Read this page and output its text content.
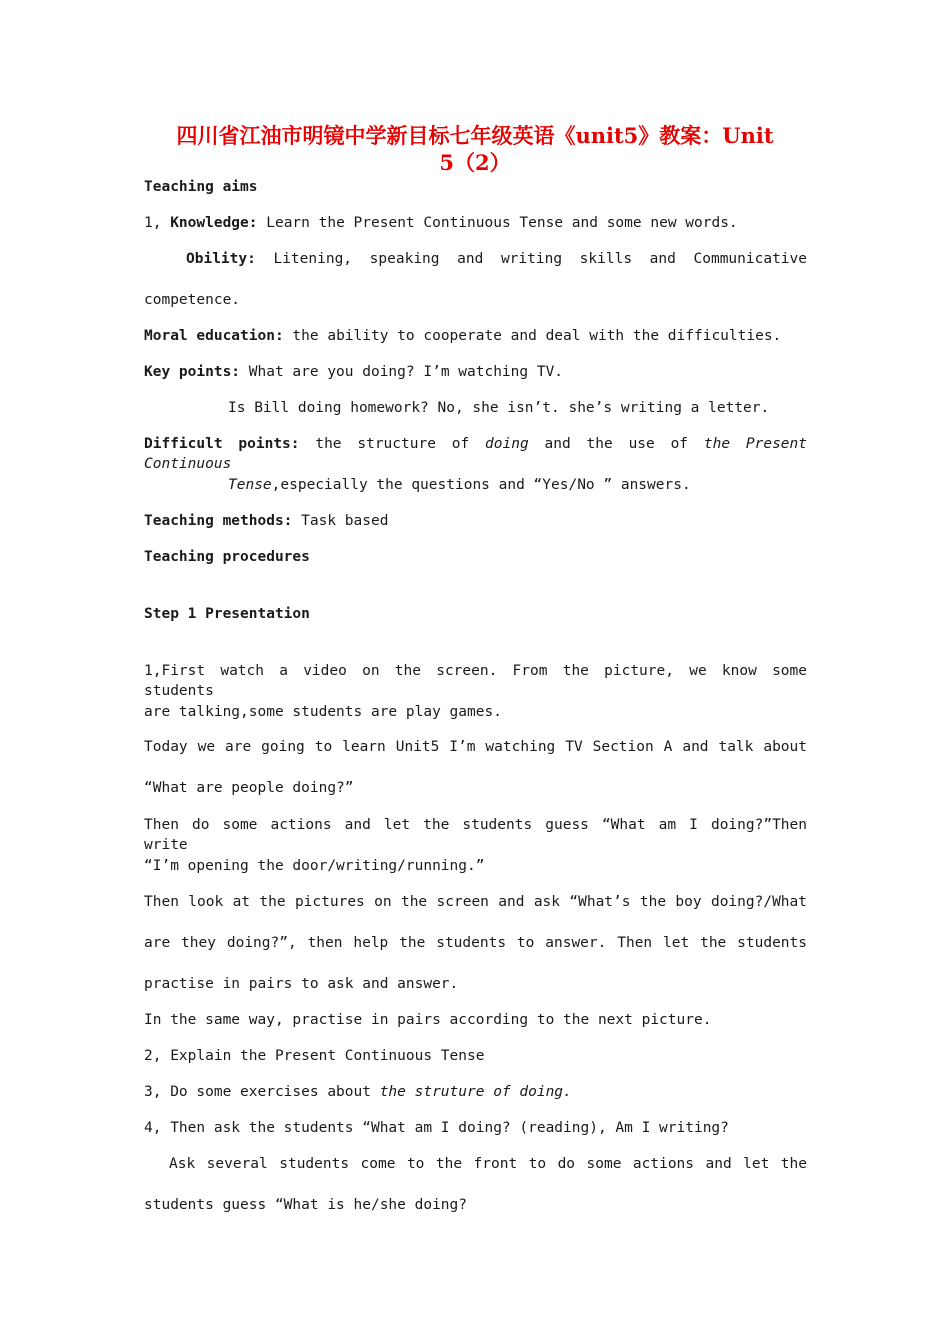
四川省江油市明镜中学新目标七年级英语《unit5》教案：Unit
5（2）
Teaching aims
1, Knowledge: Learn the Present Continuous Tense and some new words.
Obility: Litening, speaking and writing skills and Communicative
competence.
Moral education: the ability to cooperate and deal with the difficulties.
Key points: What are you doing? I’m watching TV.
Is Bill doing homework? No, she isn’t. she’s writing a letter.
Difficult points: the structure of doing and the use of the Present Continuous
Tense,especially the questions and “Yes/No ” answers.
Teaching methods: Task based
Teaching procedures
Step 1 Presentation
1,First watch a video on the screen. From the picture, we know some students
are talking,some students are play games.
Today we are going to learn Unit5 I’m watching TV Section A and talk about
“What are people doing?”
Then do some actions and let the students guess “What am I doing?”Then write
“I’m opening the door/writing/running.”
Then look at the pictures on the screen and ask “What’s the boy doing?/What
are they doing?”, then help the students to answer. Then let the students
practise in pairs to ask and answer.
In the same way, practise in pairs according to the next picture.
2, Explain the Present Continuous Tense
3, Do some exercises about the struture of doing.
4, Then ask the students “What am I doing? (reading), Am I writing?
Ask several students come to the front to do some actions and let the
students guess “What is he/she doing?
